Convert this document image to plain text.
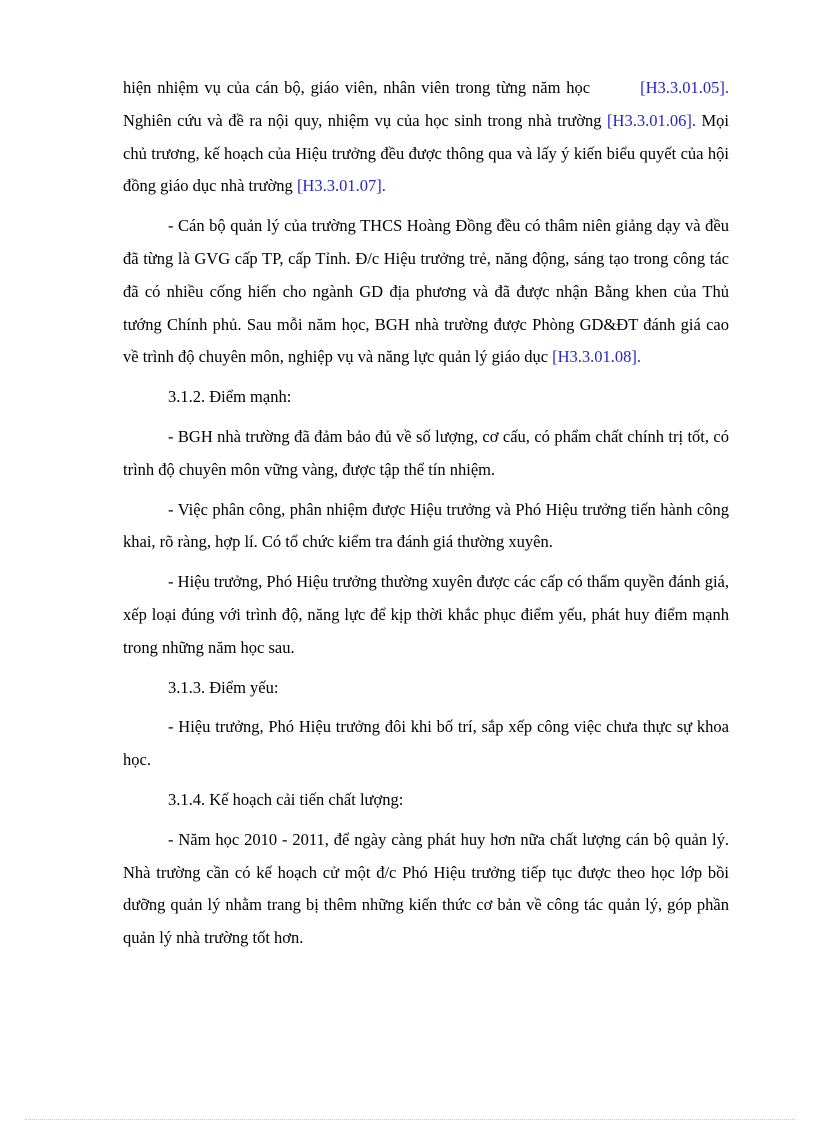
hiện nhiệm vụ của cán bộ, giáo viên, nhân viên trong từng năm học	[H3.3.01.05]. Nghiên cứu và đề ra nội quy, nhiệm vụ của học sinh trong nhà trường [H3.3.01.06]. Mọi chủ trương, kế hoạch của Hiệu trưởng đều được thông qua và lấy ý kiến biểu quyết của hội đồng giáo dục nhà trường [H3.3.01.07].

- Cán bộ quản lý của trường THCS Hoàng Đồng đều có thâm niên giảng dạy và đều đã từng là GVG cấp TP, cấp Tỉnh. Đ/c Hiệu trưởng trẻ, năng động, sáng tạo trong công tác đã có nhiều cống hiến cho ngành GD địa phương và đã được nhận Bằng khen của Thủ tướng Chính phủ. Sau mỗi năm học, BGH nhà trường được Phòng GD&ĐT đánh giá cao về trình độ chuyên môn, nghiệp vụ và năng lực quản lý giáo dục [H3.3.01.08].

3.1.2. Điểm mạnh:

- BGH nhà trường đã đảm bảo đủ về số lượng, cơ cấu, có phẩm chất chính trị tốt, có trình độ chuyên môn vững vàng, được tập thể tín nhiệm.

- Việc phân công, phân nhiệm được Hiệu trưởng và Phó Hiệu trưởng tiến hành công khai, rõ ràng, hợp lí. Có tổ chức kiểm tra đánh giá thường xuyên.

- Hiệu trưởng, Phó Hiệu trưởng thường xuyên được các cấp có thẩm quyền đánh giá, xếp loại đúng với trình độ, năng lực để kịp thời khắc phục điểm yếu, phát huy điểm mạnh trong những năm học sau.

3.1.3. Điểm yếu:

- Hiệu trưởng, Phó Hiệu trưởng đôi khi bố trí, sắp xếp công việc chưa thực sự khoa học.

3.1.4. Kế hoạch cải tiến chất lượng:

- Năm học 2010 - 2011, để ngày càng phát huy hơn nữa chất lượng cán bộ quản lý. Nhà trường cần có kế hoạch cử một đ/c Phó Hiệu trưởng tiếp tục được theo học lớp bồi dưỡng quản lý nhằm trang bị thêm những kiến thức cơ bản về công tác quản lý, góp phần quản lý nhà trường tốt hơn.
